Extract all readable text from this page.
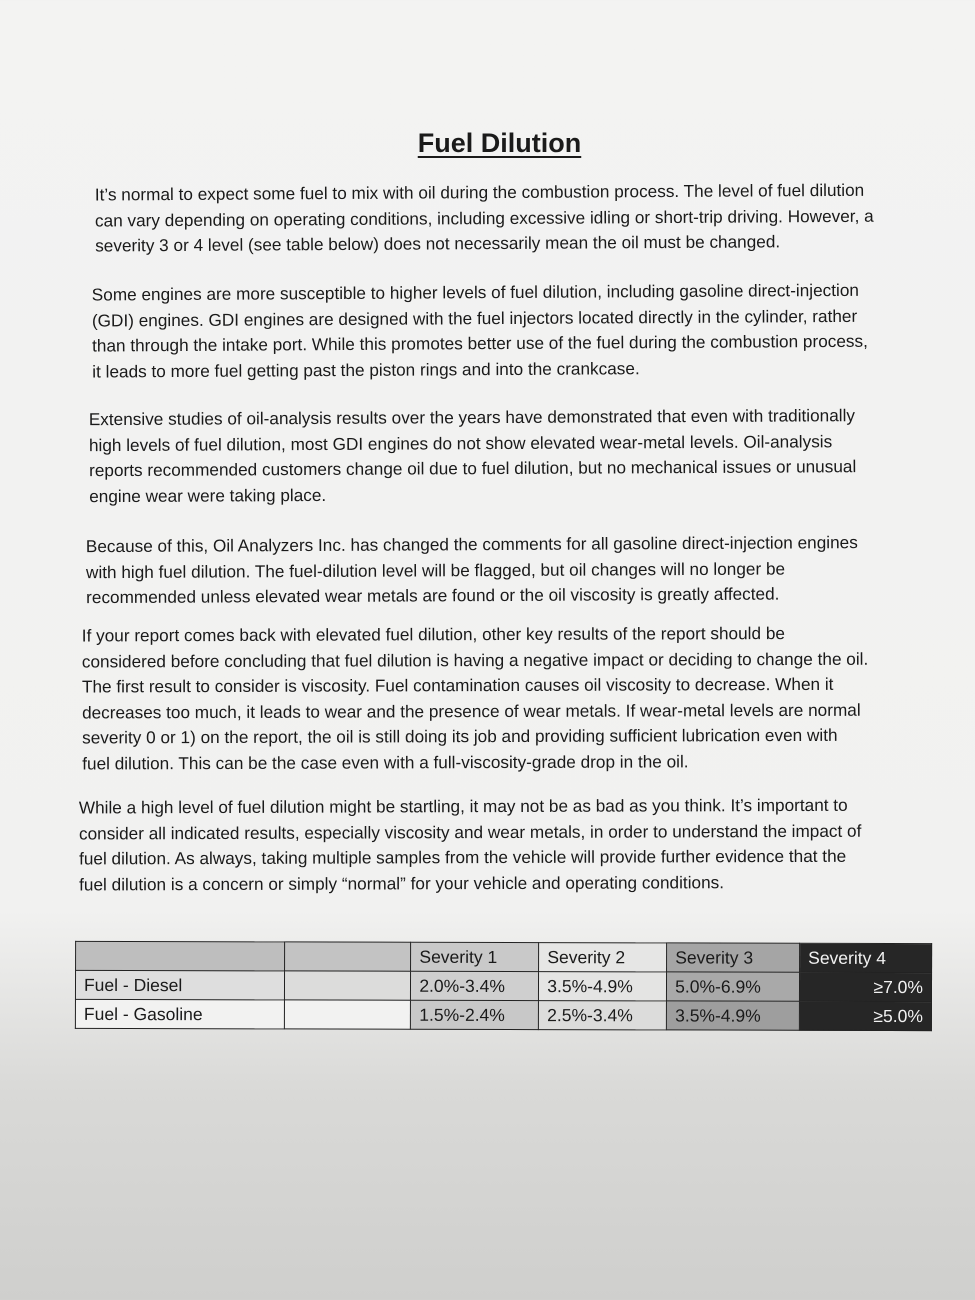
Fuel Dilution

It’s normal to expect some fuel to mix with oil during the combustion process. The level of fuel dilution
can vary depending on operating conditions, including excessive idling or short-trip driving. However, a
severity 3 or 4 level (see table below) does not necessarily mean the oil must be changed.

Some engines are more susceptible to higher levels of fuel dilution, including gasoline direct-injection
(GDI) engines. GDI engines are designed with the fuel injectors located directly in the cylinder, rather
than through the intake port. While this promotes better use of the fuel during the combustion process,
it leads to more fuel getting past the piston rings and into the crankcase.

Extensive studies of oil-analysis results over the years have demonstrated that even with traditionally
high levels of fuel dilution, most GDI engines do not show elevated wear-metal levels. Oil-analysis
reports recommended customers change oil due to fuel dilution, but no mechanical issues or unusual
engine wear were taking place.

Because of this, Oil Analyzers Inc. has changed the comments for all gasoline direct-injection engines
with high fuel dilution. The fuel-dilution level will be flagged, but oil changes will no longer be
recommended unless elevated wear metals are found or the oil viscosity is greatly affected.

If your report comes back with elevated fuel dilution, other key results of the report should be
considered before concluding that fuel dilution is having a negative impact or deciding to change the oil.
The first result to consider is viscosity. Fuel contamination causes oil viscosity to decrease. When it
decreases too much, it leads to wear and the presence of wear metals. If wear-metal levels are normal
severity 0 or 1) on the report, the oil is still doing its job and providing sufficient lubrication even with
fuel dilution. This can be the case even with a full-viscosity-grade drop in the oil.

While a high level of fuel dilution might be startling, it may not be as bad as you think. It’s important to
consider all indicated results, especially viscosity and wear metals, in order to understand the impact of
fuel dilution. As always, taking multiple samples from the vehicle will provide further evidence that the
fuel dilution is a concern or simply “normal” for your vehicle and operating conditions.

		Severity 1	Severity 2	Severity 3	Severity 4
Fuel - Diesel		2.0%-3.4%	3.5%-4.9%	5.0%-6.9%	≥7.0%
Fuel - Gasoline		1.5%-2.4%	2.5%-3.4%	3.5%-4.9%	≥5.0%
